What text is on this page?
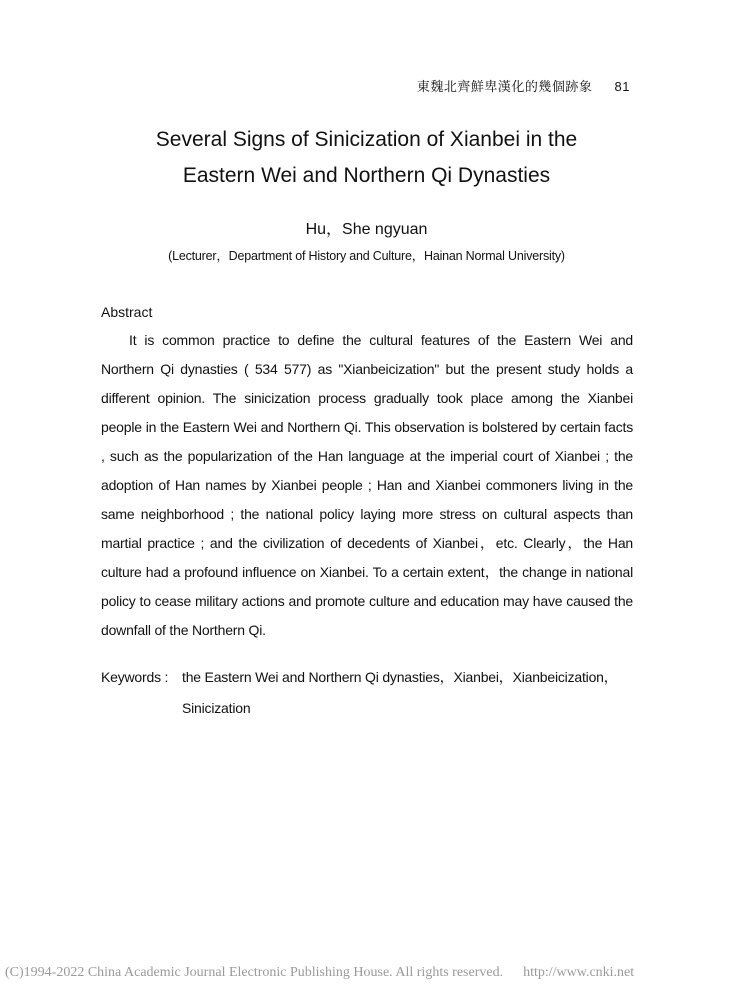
東魏北齊鮮卑漢化的幾個跡象 81
Several Signs of Sinicization of Xianbei in the
Eastern Wei and Northern Qi Dynasties
Hu，She ngyuan
(Lecturer，Department of History and Culture，Hainan Normal University)
Abstract

It is common practice to define the cultural features of the Eastern Wei and Northern Qi dynasties ( 534 577) as "Xianbeicization" but the present study holds a different opinion. The sinicization process gradually took place among the Xianbei people in the Eastern Wei and Northern Qi. This observation is bolstered by certain facts , such as the popularization of the Han language at the imperial court of Xianbei ; the adoption of Han names by Xianbei people ; Han and Xianbei commoners living in the same neighborhood ; the national policy laying more stress on cultural aspects than martial practice ; and the civilization of decedents of Xianbei，etc. Clearly，the Han culture had a profound influence on Xianbei. To a certain extent，the change in national policy to cease military actions and promote culture and education may have caused the downfall of the Northern Qi.

Keywords : the Eastern Wei and Northern Qi dynasties，Xianbei，Xianbeicization，
Sinicization
(C)1994-2022 China Academic Journal Electronic Publishing House. All rights reserved. http://www.cnki.net
